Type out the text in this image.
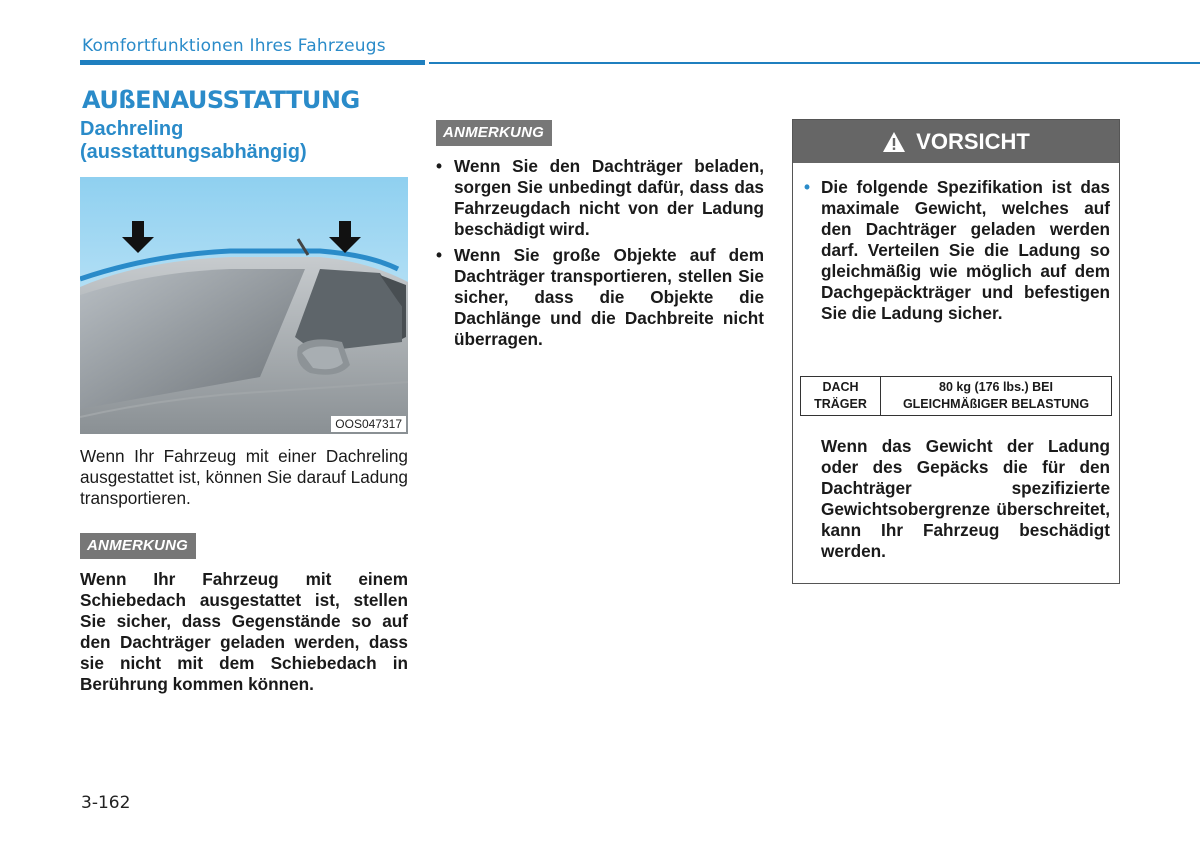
Komfortfunktionen Ihres Fahrzeugs
AUßENAUSSTATTUNG
Dachreling
(ausstattungsabhängig)
OOS047317
Wenn Ihr Fahrzeug mit einer Dachreling ausgestattet ist, können Sie darauf Ladung transportieren.
ANMERKUNG
Wenn Ihr Fahrzeug mit einem Schiebedach ausgestattet ist, stellen Sie sicher, dass Gegenstände so auf den Dachträger geladen werden, dass sie nicht mit dem Schiebedach in Berührung kommen können.
ANMERKUNG
• Wenn Sie den Dachträger beladen, sorgen Sie unbedingt dafür, dass das Fahrzeugdach nicht von der Ladung beschädigt wird.
• Wenn Sie große Objekte auf dem Dachträger transportieren, stellen Sie sicher, dass die Objekte die Dachlänge und die Dachbreite nicht überragen.
VORSICHT
• Die folgende Spezifikation ist das maximale Gewicht, welches auf den Dachträger geladen werden darf. Verteilen Sie die Ladung so gleichmäßig wie möglich auf dem Dachgepäckträger und befestigen Sie die Ladung sicher.
DACH
TRÄGER

80 kg (176 lbs.) BEI
GLEICHMÄßIGER BELASTUNG
Wenn das Gewicht der Ladung oder des Gepäcks die für den Dachträger spezifizierte Gewichtsobergrenze überschreitet, kann Ihr Fahrzeug beschädigt werden.
3-162
